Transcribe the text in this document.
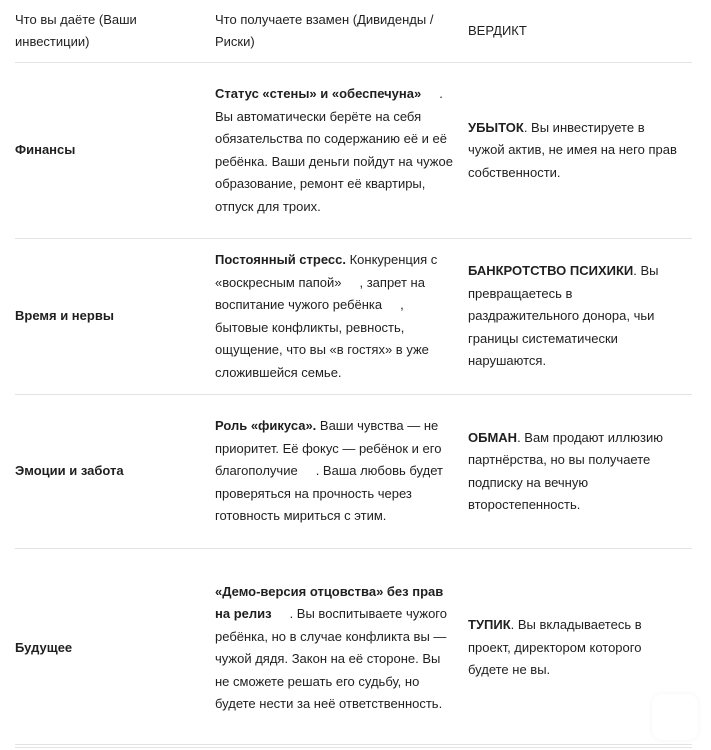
Что вы даёте (Ваши инвестиции)	Что получаете взамен (Дивиденды / Риски)	ВЕРДИКТ
Финансы	Статус «стены» и «обеспечуна» . Вы автоматически берёте на себя обязательства по содержанию её и её ребёнка. Ваши деньги пойдут на чужое образование, ремонт её квартиры, отпуск для троих.	УБЫТОК. Вы инвестируете в чужой актив, не имея на него прав собственности.
Время и нервы	Постоянный стресс. Конкуренция с «воскресным папой» , запрет на воспитание чужого ребёнка , бытовые конфликты, ревность, ощущение, что вы «в гостях» в уже сложившейся семье.	БАНКРОТСТВО ПСИХИКИ. Вы превращаетесь в раздражительного донора, чьи границы систематически нарушаются.
Эмоции и забота	Роль «фикуса». Ваши чувства — не приоритет. Её фокус — ребёнок и его благополучие . Ваша любовь будет проверяться на прочность через готовность мириться с этим.	ОБМАН. Вам продают иллюзию партнёрства, но вы получаете подписку на вечную второстепенность.
Будущее	«Демо-версия отцовства» без прав на релиз . Вы воспитываете чужого ребёнка, но в случае конфликта вы — чужой дядя. Закон на её стороне. Вы не сможете решать его судьбу, но будете нести за неё ответственность.	ТУПИК. Вы вкладываетесь в проект, директором которого будете не вы.
